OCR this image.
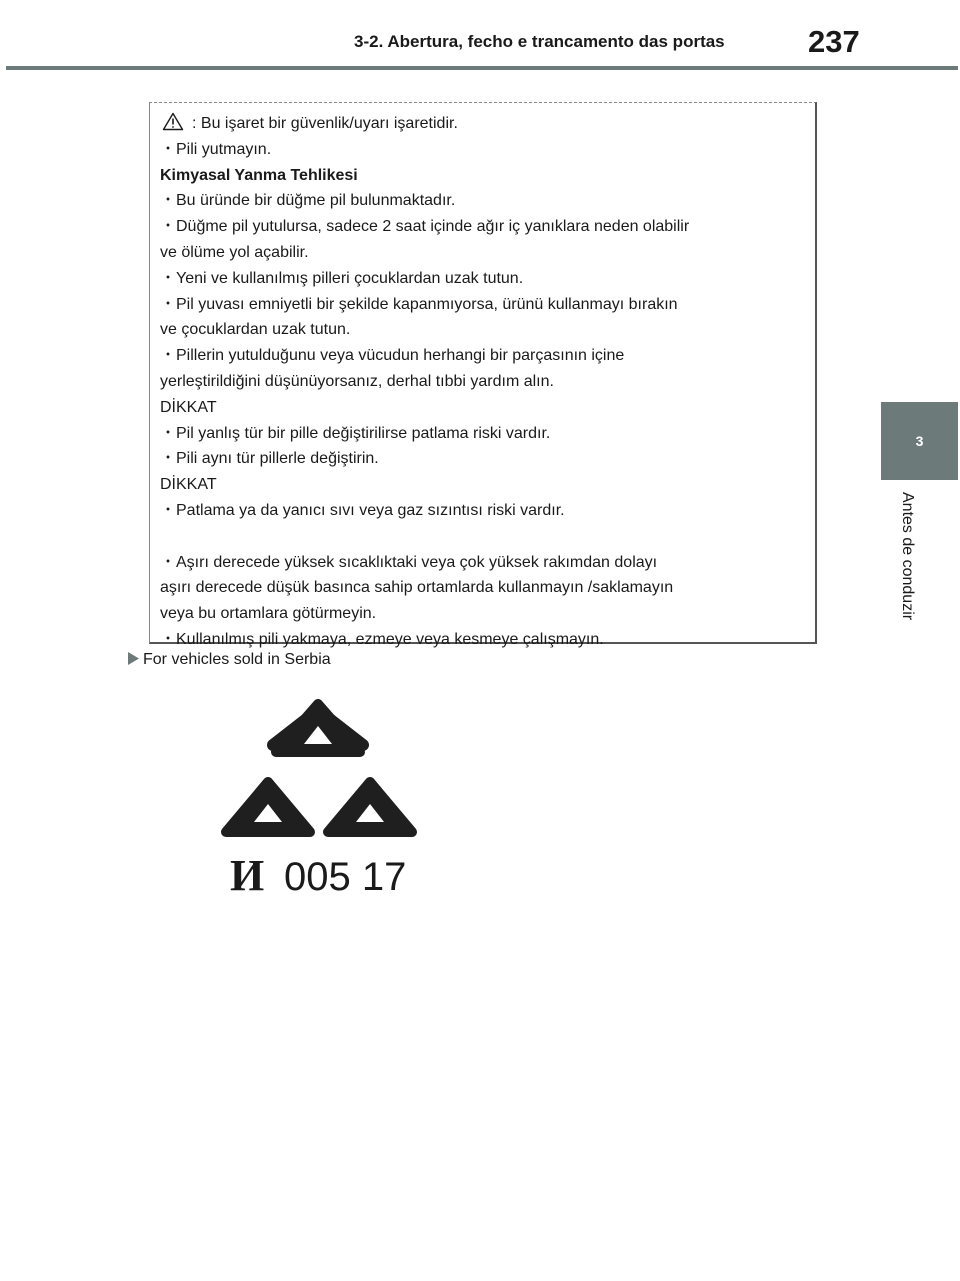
3-2. Abertura, fecho e trancamento das portas	237
3
Antes de conduzir
: Bu işaret bir güvenlik/uyarı işaretidir.
・Pili yutmayın.
Kimyasal Yanma Tehlikesi
・Bu üründe bir düğme pil bulunmaktadır.
・Düğme pil yutulursa, sadece 2 saat içinde ağır iç yanıklara neden olabilir
ve ölüme yol açabilir.
・Yeni ve kullanılmış pilleri çocuklardan uzak tutun.
・Pil yuvası emniyetli bir şekilde kapanmıyorsa, ürünü kullanmayı bırakın
ve çocuklardan uzak tutun.
・Pillerin yutulduğunu veya vücudun herhangi bir parçasının içine
yerleştirildiğini düşünüyorsanız, derhal tıbbi yardım alın.
DİKKAT
・Pil yanlış tür bir pille değiştirilirse patlama riski vardır.
・Pili aynı tür pillerle değiştirin.
DİKKAT
・Patlama ya da yanıcı sıvı veya gaz sızıntısı riski vardır.
・Aşırı derecede yüksek sıcaklıktaki veya çok yüksek rakımdan dolayı
aşırı derecede düşük basınca sahip ortamlarda kullanmayın /saklamayın
veya bu ortamlara götürmeyin.
・Kullanılmış pili yakmaya, ezmeye veya kesmeye çalışmayın.
For vehicles sold in Serbia
И 005 17
